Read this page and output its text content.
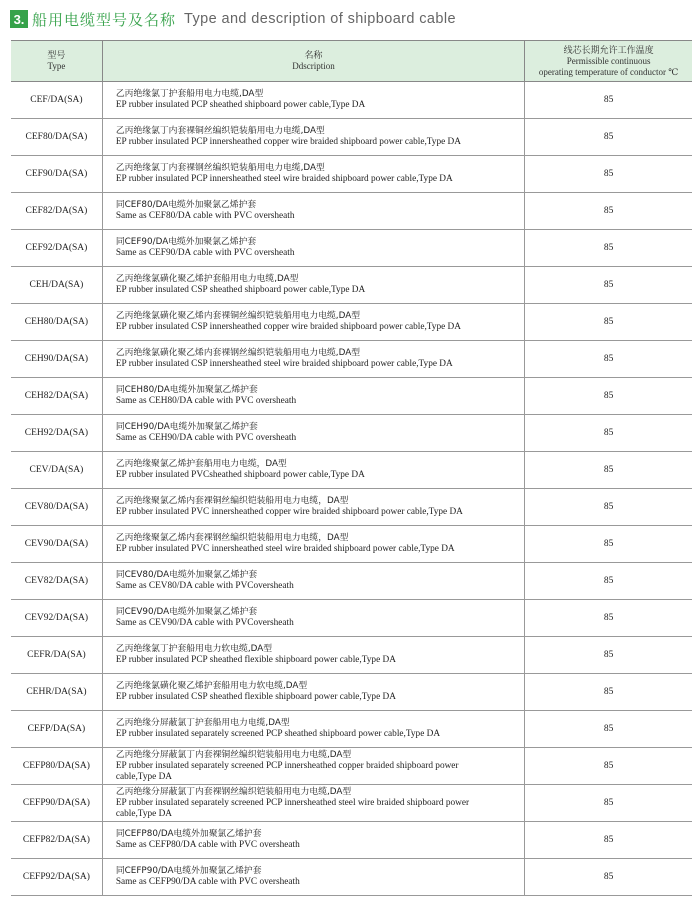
3. 船用电缆型号及名称 Type and description of shipboard cable
型号
Type
名称
Ddscription
线芯长期允许工作温度
Permissible continuous
operating temperature of conductor ℃
CEF/DA(SA)
乙丙绝缘氯丁护套船用电力电缆,DA型
EP rubber insulated PCP sheathed shipboard power cable,Type DA
85
CEF80/DA(SA)
乙丙绝缘氯丁内套裸铜丝编织铠装船用电力电缆,DA型
EP rubber insulated PCP innersheathed copper wire braided shipboard power cable,Type DA
85
CEF90/DA(SA)
乙丙绝缘氯丁内套裸钢丝编织铠装船用电力电缆,DA型
EP rubber insulated PCP innersheathed steel wire braided shipboard power cable,Type DA
85
CEF82/DA(SA)
同CEF80/DA电缆外加聚氯乙烯护套
Same as CEF80/DA cable with PVC oversheath
85
CEF92/DA(SA)
同CEF90/DA电缆外加聚氯乙烯护套
Same as CEF90/DA cable with PVC oversheath
85
CEH/DA(SA)
乙丙绝缘氯磺化聚乙烯护套船用电力电缆,DA型
EP rubber insulated CSP sheathed shipboard power cable,Type DA
85
CEH80/DA(SA)
乙丙绝缘氯磺化聚乙烯内套裸铜丝编织铠装船用电力电缆,DA型
EP rubber insulated CSP innersheathed copper wire braided shipboard power cable,Type DA
85
CEH90/DA(SA)
乙丙绝缘氯磺化聚乙烯内套裸钢丝编织铠装船用电力电缆,DA型
EP rubber insulated CSP innersheathed steel wire braided shipboard power cable,Type DA
85
CEH82/DA(SA)
同CEH80/DA电缆外加聚氯乙烯护套
Same as CEH80/DA cable with PVC oversheath
85
CEH92/DA(SA)
同CEH90/DA电缆外加聚氯乙烯护套
Same as CEH90/DA cable with PVC oversheath
85
CEV/DA(SA)
乙丙绝缘聚氯乙烯护套船用电力电缆，DA型
EP rubber insulated PVCsheathed shipboard power cable,Type DA
85
CEV80/DA(SA)
乙丙绝缘聚氯乙烯内套裸铜丝编织铠装船用电力电缆，DA型
EP rubber insulated PVC innersheathed copper wire braided shipboard power cable,Type DA
85
CEV90/DA(SA)
乙丙绝缘聚氯乙烯内套裸钢丝编织铠装船用电力电缆，DA型
EP rubber insulated PVC innersheathed steel wire braided shipboard power cable,Type DA
85
CEV82/DA(SA)
同CEV80/DA电缆外加聚氯乙烯护套
Same as CEV80/DA cable with PVCoversheath
85
CEV92/DA(SA)
同CEV90/DA电缆外加聚氯乙烯护套
Same as CEV90/DA cable with PVCoversheath
85
CEFR/DA(SA)
乙丙绝缘氯丁护套船用电力软电缆,DA型
EP rubber insulated PCP sheathed flexible shipboard power cable,Type DA
85
CEHR/DA(SA)
乙丙绝缘氯磺化聚乙烯护套船用电力软电缆,DA型
EP rubber insulated CSP sheathed flexible shipboard power cable,Type DA
85
CEFP/DA(SA)
乙丙绝缘分屏蔽氯丁护套船用电力电缆,DA型
EP rubber insulated separately screened PCP sheathed shipboard power cable,Type DA
85
CEFP80/DA(SA)
乙丙绝缘分屏蔽氯丁内套裸铜丝编织铠装船用电力电缆,DA型
EP rubber insulated separately screened PCP innersheathed copper braided shipboard power cable,Type DA
85
CEFP90/DA(SA)
乙丙绝缘分屏蔽氯丁内套裸钢丝编织铠装船用电力电缆,DA型
EP rubber insulated separately screened PCP innersheathed steel wire braided shipboard power cable,Type DA
85
CEFP82/DA(SA)
同CEFP80/DA电缆外加聚氯乙烯护套
Same as CEFP80/DA cable with PVC oversheath
85
CEFP92/DA(SA)
同CEFP90/DA电缆外加聚氯乙烯护套
Same as CEFP90/DA cable with PVC oversheath
85
